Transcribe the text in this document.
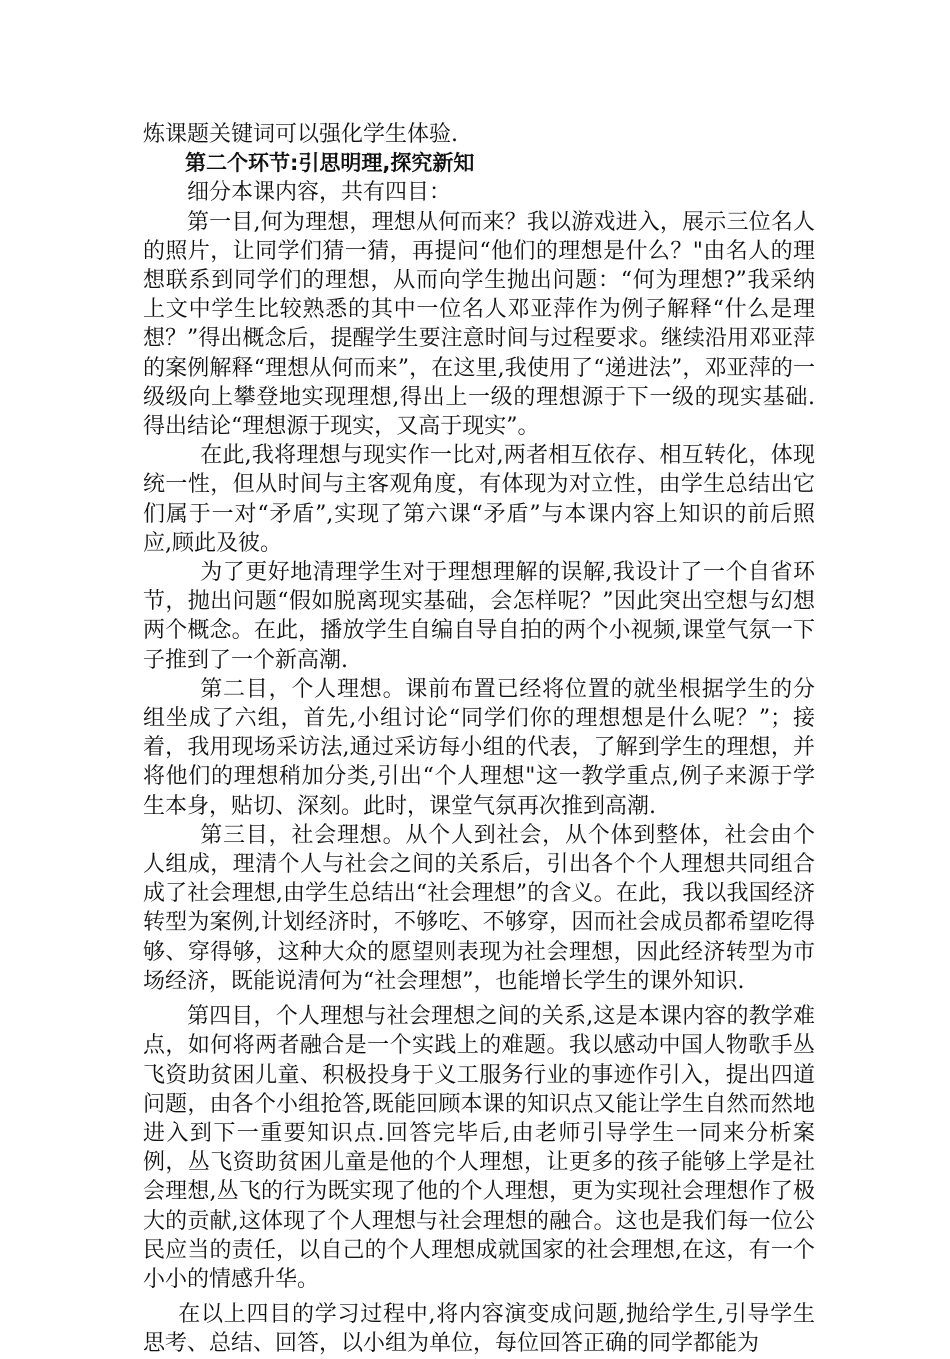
炼课题关键词可以强化学生体验.

第二个环节:引思明理,探究新知

细分本课内容，共有四目：

第一目,何为理想，理想从何而来？我以游戏进入，展示三位名人的照片，让同学们猜一猜，再提问“他们的理想是什么？"由名人的理想联系到同学们的理想，从而向学生抛出问题：“何为理想?”我采纳上文中学生比较熟悉的其中一位名人邓亚萍作为例子解释“什么是理想？”得出概念后，提醒学生要注意时间与过程要求。继续沿用邓亚萍的案例解释“理想从何而来”，在这里,我使用了“递进法”，邓亚萍的一级级向上攀登地实现理想,得出上一级的理想源于下一级的现实基础.得出结论“理想源于现实，又高于现实”。

在此,我将理想与现实作一比对,两者相互依存、相互转化，体现统一性，但从时间与主客观角度，有体现为对立性，由学生总结出它们属于一对“矛盾”,实现了第六课“矛盾”与本课内容上知识的前后照应,顾此及彼。

为了更好地清理学生对于理想理解的误解,我设计了一个自省环节，抛出问题“假如脱离现实基础，会怎样呢？”因此突出空想与幻想两个概念。在此，播放学生自编自导自拍的两个小视频,课堂气氛一下子推到了一个新高潮.

第二目，个人理想。课前布置已经将位置的就坐根据学生的分组坐成了六组，首先,小组讨论“同学们你的理想想是什么呢？”；接着，我用现场采访法,通过采访每小组的代表，了解到学生的理想，并将他们的理想稍加分类,引出“个人理想"这一教学重点,例子来源于学生本身，贴切、深刻。此时，课堂气氛再次推到高潮.

第三目，社会理想。从个人到社会，从个体到整体，社会由个人组成，理清个人与社会之间的关系后，引出各个个人理想共同组合成了社会理想,由学生总结出“社会理想”的含义。在此，我以我国经济转型为案例,计划经济时，不够吃、不够穿，因而社会成员都希望吃得够、穿得够，这种大众的愿望则表现为社会理想，因此经济转型为市场经济，既能说清何为“社会理想”，也能增长学生的课外知识.

第四目，个人理想与社会理想之间的关系,这是本课内容的教学难点，如何将两者融合是一个实践上的难题。我以感动中国人物歌手丛飞资助贫困儿童、积极投身于义工服务行业的事迹作引入，提出四道问题，由各个小组抢答,既能回顾本课的知识点又能让学生自然而然地进入到下一重要知识点.回答完毕后,由老师引导学生一同来分析案例，丛飞资助贫困儿童是他的个人理想，让更多的孩子能够上学是社会理想,丛飞的行为既实现了他的个人理想，更为实现社会理想作了极大的贡献,这体现了个人理想与社会理想的融合。这也是我们每一位公民应当的责任，以自己的个人理想成就国家的社会理想,在这，有一个小小的情感升华。

在以上四目的学习过程中,将内容演变成问题,抛给学生,引导学生思考、总结、回答，以小组为单位，每位回答正确的同学都能为
